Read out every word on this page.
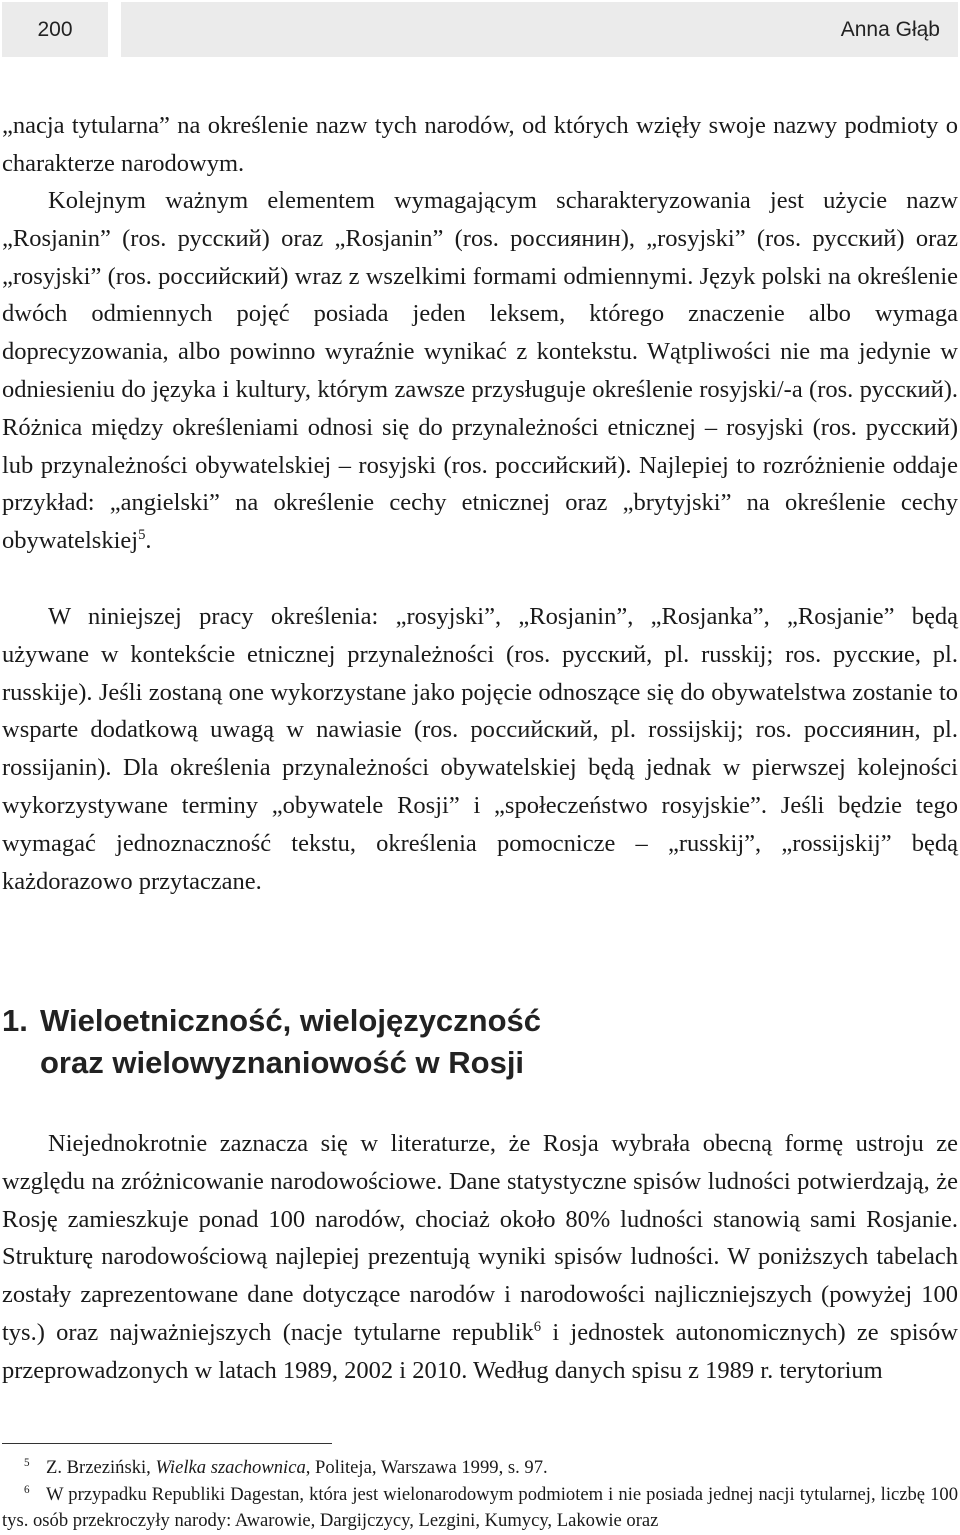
200	Anna Głąb

„nacja tytularna” na określenie nazw tych narodów, od których wzięły swoje nazwy podmioty o charakterze narodowym.

Kolejnym ważnym elementem wymagającym scharakteryzowania jest użycie nazw „Rosjanin” (ros. русский) oraz „Rosjanin” (ros. россиянин), „rosyjski” (ros. русский) oraz „rosyjski” (ros. российский) wraz z wszelkimi formami odmiennymi. Język polski na określenie dwóch odmiennych pojęć posiada jeden leksem, którego znaczenie albo wymaga doprecyzowania, albo powinno wyraźnie wynikać z kontekstu. Wątpliwości nie ma jedynie w odniesieniu do języka i kultury, którym zawsze przysługuje określenie rosyjski/-a (ros. русский). Różnica między określeniami odnosi się do przynależności etnicznej – rosyjski (ros. русский) lub przynależności obywatelskiej – rosyjski (ros. российский). Najlepiej to rozróżnienie oddaje przykład: „angielski” na określenie cechy etnicznej oraz „brytyjski” na określenie cechy obywatelskiej$^5$.

W niniejszej pracy określenia: „rosyjski”, „Rosjanin”, „Rosjanka”, „Rosjanie” będą używane w kontekście etnicznej przynależności (ros. русский, pl. russkij; ros. русские, pl. russkije). Jeśli zostaną one wykorzystane jako pojęcie odnoszące się do obywatelstwa zostanie to wsparte dodatkową uwagą w nawiasie (ros. российский, pl. rossijskij; ros. россиянин, pl. rossijanin). Dla określenia przynależności obywatelskiej będą jednak w pierwszej kolejności wykorzystywane terminy „obywatele Rosji” i „społeczeństwo rosyjskie”. Jeśli będzie tego wymagać jednoznaczność tekstu, określenia pomocnicze – „russkij”, „rossijskij” będą każdorazowo przytaczane.

1. Wieloetniczność, wielojęzyczność
oraz wielowyznaniowość w Rosji

Niejednokrotnie zaznacza się w literaturze, że Rosja wybrała obecną formę ustroju ze względu na zróżnicowanie narodowościowe. Dane statystyczne spisów ludności potwierdzają, że Rosję zamieszkuje ponad 100 narodów, chociaż około 80% ludności stanowią sami Rosjanie. Strukturę narodowościową najlepiej prezentują wyniki spisów ludności. W poniższych tabelach zostały zaprezentowane dane dotyczące narodów i narodowości najliczniejszych (powyżej 100 tys.) oraz najważniejszych (nacje tytularne republik$^6$ i jednostek autonomicznych) ze spisów przeprowadzonych w latach 1989, 2002 i 2010. Według danych spisu z 1989 r. terytorium

$^5$ Z. Brzeziński, Wielka szachownica, Politeja, Warszawa 1999, s. 97.

$^6$ W przypadku Republiki Dagestan, która jest wielonarodowym podmiotem i nie posiada jednej nacji tytularnej, liczbę 100 tys. osób przekroczyły narody: Awarowie, Dargijczycy, Lezgini, Kumycy, Lakowie oraz
